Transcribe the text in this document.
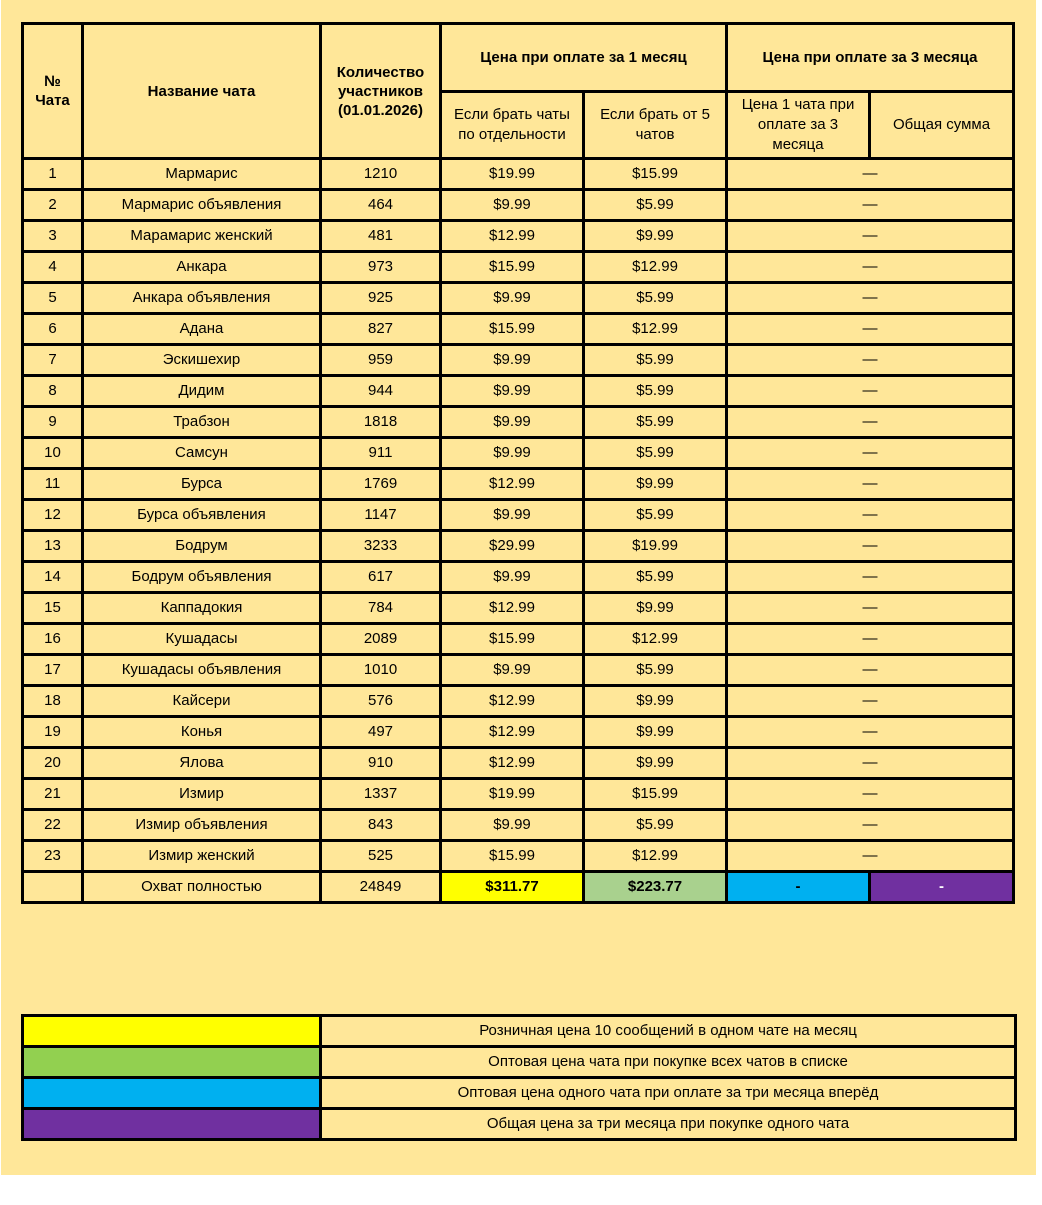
№ Чата	Название чата	Количество участников (01.01.2026)	Цена при оплате за 1 месяц		Цена при оплате за 3 месяца	
			Если брать чаты по отдельности	Если брать от 5 чатов	Цена 1 чата при оплате за 3 месяца	Общая сумма
1	Мармарис	1210	$19.99	$15.99	—	
2	Мармарис объявления	464	$9.99	$5.99	—	
3	Марамарис женский	481	$12.99	$9.99	—	
4	Анкара	973	$15.99	$12.99	—	
5	Анкара объявления	925	$9.99	$5.99	—	
6	Адана	827	$15.99	$12.99	—	
7	Эскишехир	959	$9.99	$5.99	—	
8	Дидим	944	$9.99	$5.99	—	
9	Трабзон	1818	$9.99	$5.99	—	
10	Самсун	911	$9.99	$5.99	—	
11	Бурса	1769	$12.99	$9.99	—	
12	Бурса объявления	1147	$9.99	$5.99	—	
13	Бодрум	3233	$29.99	$19.99	—	
14	Бодрум объявления	617	$9.99	$5.99	—	
15	Каппадокия	784	$12.99	$9.99	—	
16	Кушадасы	2089	$15.99	$12.99	—	
17	Кушадасы объявления	1010	$9.99	$5.99	—	
18	Кайсери	576	$12.99	$9.99	—	
19	Конья	497	$12.99	$9.99	—	
20	Ялова	910	$12.99	$9.99	—	
21	Измир	1337	$19.99	$15.99	—	
22	Измир объявления	843	$9.99	$5.99	—	
23	Измир женский	525	$15.99	$12.99	—	
	Охват полностью	24849	$311.77	$223.77	-	-
	Розничная цена 10 сообщений в одном чате на месяц
	Оптовая цена чата при покупке всех чатов в списке
	Оптовая цена одного чата при оплате за три месяца вперёд
	Общая цена за три месяца при покупке одного чата
